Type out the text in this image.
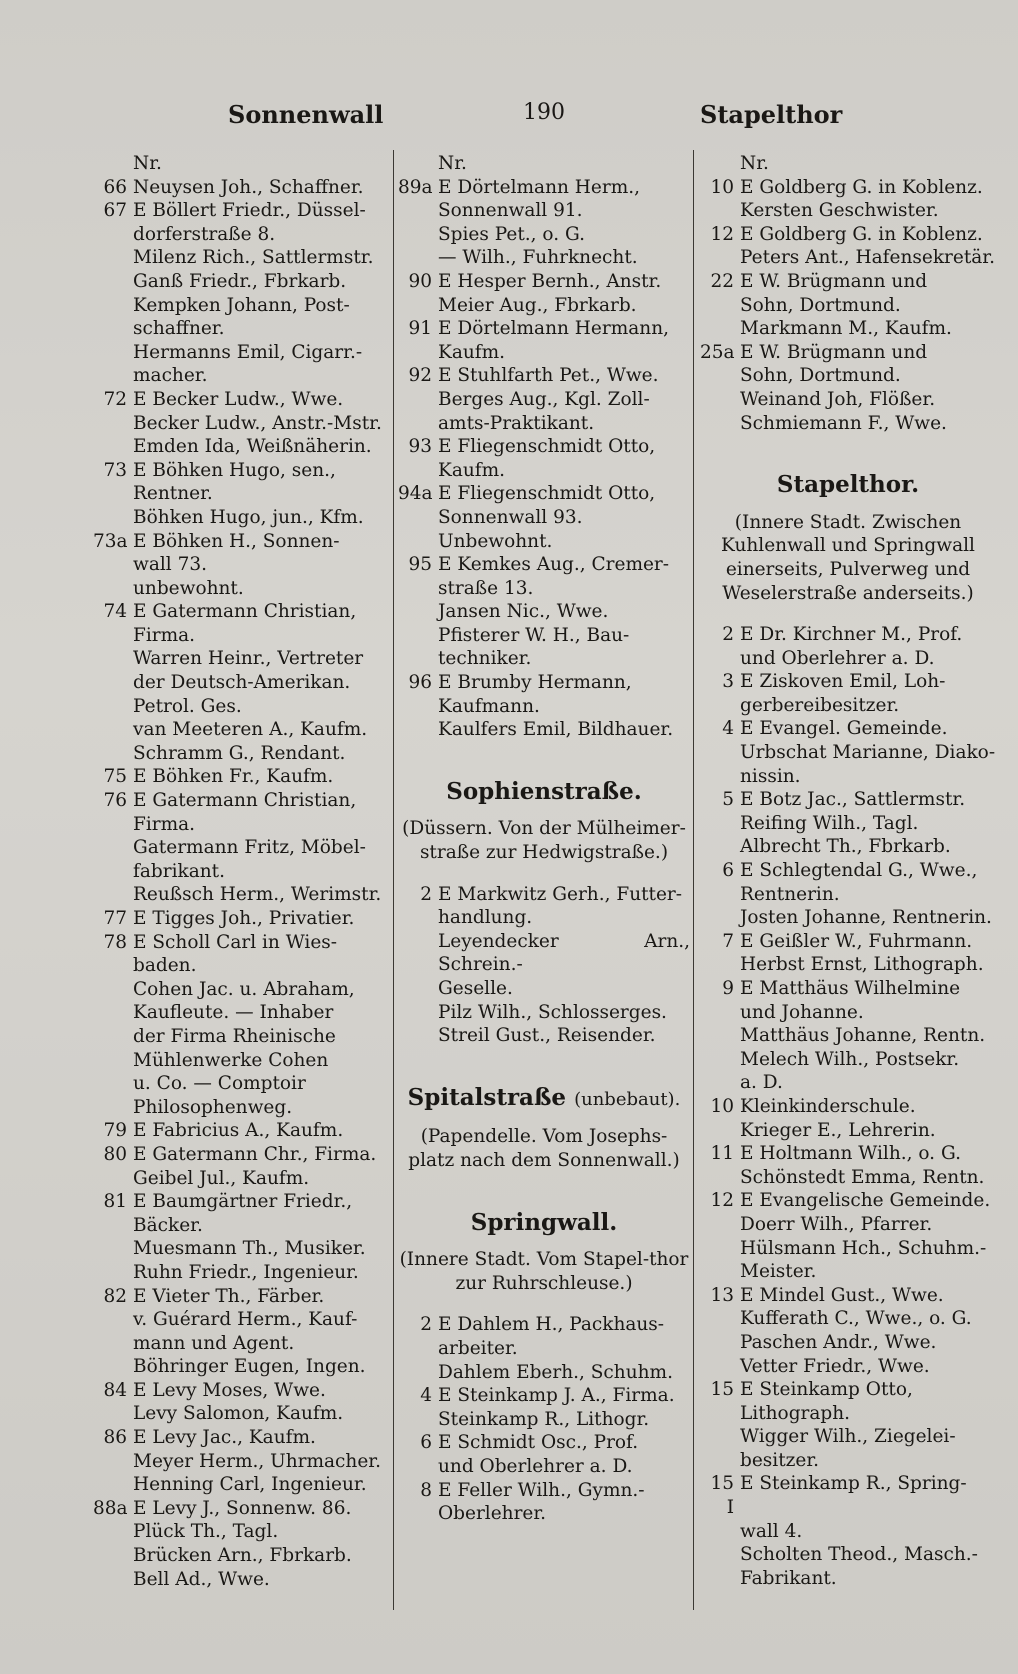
Sonnenwall	190	Stapelthor
Nr.
66 Neuysen Joh., Schaffner.
67 E Böllert Friedr., Düssel-
dorferstraße 8.
Milenz Rich., Sattlermstr.
Ganß Friedr., Fbrkarb.
Kempken Johann, Post-
schaffner.
Hermanns Emil, Cigarr.-
macher.
72 E Becker Ludw., Wwe.
Becker Ludw., Anstr.-Mstr.
Emden Ida, Weißnäherin.
73 E Böhken Hugo, sen.,
Rentner.
Böhken Hugo, jun., Kfm.
73a E Böhken H., Sonnen-
wall 73.
unbewohnt.
74 E Gatermann Christian,
Firma.
Warren Heinr., Vertreter
der Deutsch-Amerikan.
Petrol. Ges.
van Meeteren A., Kaufm.
Schramm G., Rendant.
75 E Böhken Fr., Kaufm.
76 E Gatermann Christian,
Firma.
Gatermann Fritz, Möbel-
fabrikant.
Reußsch Herm., Werimstr.
77 E Tigges Joh., Privatier.
78 E Scholl Carl in Wies-
baden.
Cohen Jac. u. Abraham,
Kaufleute. — Inhaber
der Firma Rheinische
Mühlenwerke Cohen
u. Co. — Comptoir
Philosophenweg.
79 E Fabricius A., Kaufm.
80 E Gatermann Chr., Firma.
Geibel Jul., Kaufm.
81 E Baumgärtner Friedr.,
Bäcker.
Muesmann Th., Musiker.
Ruhn Friedr., Ingenieur.
82 E Vieter Th., Färber.
v. Guérard Herm., Kauf-
mann und Agent.
Böhringer Eugen, Ingen.
84 E Levy Moses, Wwe.
Levy Salomon, Kaufm.
86 E Levy Jac., Kaufm.
Meyer Herm., Uhrmacher.
Henning Carl, Ingenieur.
88a E Levy J., Sonnenw. 86.
Plück Th., Tagl.
Brücken Arn., Fbrkarb.
Bell Ad., Wwe.
Nr.
89a E Dörtelmann Herm.,
Sonnenwall 91.
Spies Pet., o. G.
— Wilh., Fuhrknecht.
90 E Hesper Bernh., Anstr.
Meier Aug., Fbrkarb.
91 E Dörtelmann Hermann,
Kaufm.
92 E Stuhlfarth Pet., Wwe.
Berges Aug., Kgl. Zoll-
amts-Praktikant.
93 E Fliegenschmidt Otto,
Kaufm.
94a E Fliegenschmidt Otto,
Sonnenwall 93.
Unbewohnt.
95 E Kemkes Aug., Cremer-
straße 13.
Jansen Nic., Wwe.
Pfisterer W. H., Bau-
techniker.
96 E Brumby Hermann,
Kaufmann.
Kaulfers Emil, Bildhauer.
Sophienstraße.
(Düssern. Von der Mülheimer-straße zur Hedwigstraße.)
2 E Markwitz Gerh., Futter-
handlung.
Leyendecker Arn., Schrein.-
Geselle.
Pilz Wilh., Schlosserges.
Streil Gust., Reisender.
Spitalstraße (unbebaut).
(Papendelle. Vom Josephs-platz nach dem Sonnenwall.)
Springwall.
(Innere Stadt. Vom Stapel-thor zur Ruhrschleuse.)
2 E Dahlem H., Packhaus-
arbeiter.
Dahlem Eberh., Schuhm.
4 E Steinkamp J. A., Firma.
Steinkamp R., Lithogr.
6 E Schmidt Osc., Prof.
und Oberlehrer a. D.
8 E Feller Wilh., Gymn.-
Oberlehrer.
Nr.
10 E Goldberg G. in Koblenz.
Kersten Geschwister.
12 E Goldberg G. in Koblenz.
Peters Ant., Hafensekretär.
22 E W. Brügmann und
Sohn, Dortmund.
Markmann M., Kaufm.
25a E W. Brügmann und
Sohn, Dortmund.
Weinand Joh, Flößer.
Schmiemann F., Wwe.
Stapelthor.
(Innere Stadt. Zwischen Kuhlenwall und Springwall einerseits, Pulverweg und Weselerstraße anderseits.)
2 E Dr. Kirchner M., Prof.
und Oberlehrer a. D.
3 E Ziskoven Emil, Loh-
gerbereibesitzer.
4 E Evangel. Gemeinde.
Urbschat Marianne, Diako-
nissin.
5 E Botz Jac., Sattlermstr.
Reifing Wilh., Tagl.
Albrecht Th., Fbrkarb.
6 E Schlegtendal G., Wwe.,
Rentnerin.
Josten Johanne, Rentnerin.
7 E Geißler W., Fuhrmann.
Herbst Ernst, Lithograph.
9 E Matthäus Wilhelmine
und Johanne.
Matthäus Johanne, Rentn.
Melech Wilh., Postsekr.
a. D.
10 Kleinkinderschule.
Krieger E., Lehrerin.
11 E Holtmann Wilh., o. G.
Schönstedt Emma, Rentn.
12 E Evangelische Gemeinde.
Doerr Wilh., Pfarrer.
Hülsmann Hch., Schuhm.-
Meister.
13 E Mindel Gust., Wwe.
Kufferath C., Wwe., o. G.
Paschen Andr., Wwe.
Vetter Friedr., Wwe.
15 E Steinkamp Otto,
Lithograph.
Wigger Wilh., Ziegelei-
besitzer.
15 I
E Steinkamp R., Spring-
wall 4.
Scholten Theod., Masch.-
Fabrikant.
